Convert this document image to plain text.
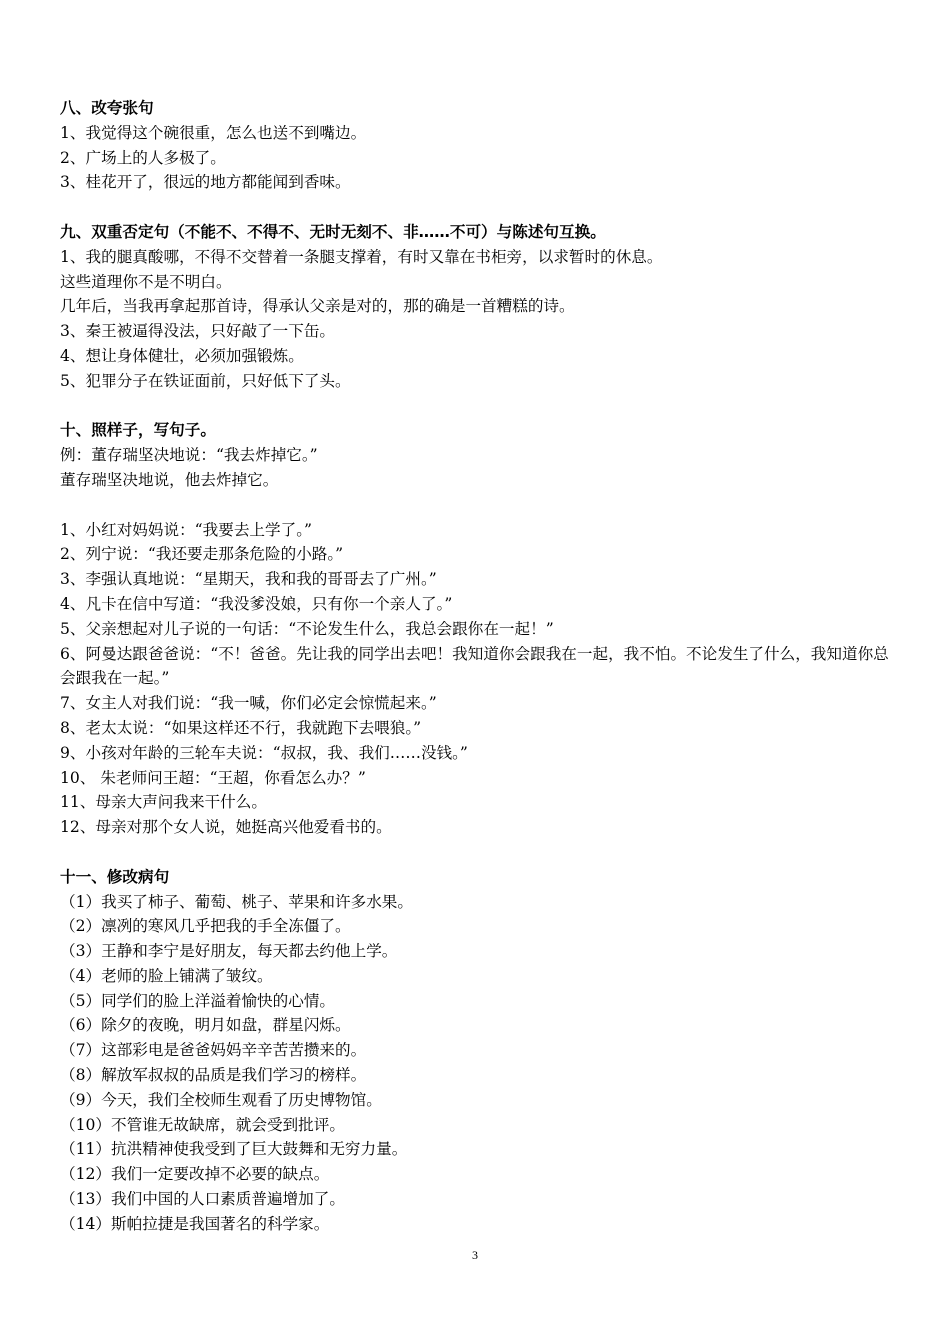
八、改夸张句
1、我觉得这个碗很重，怎么也送不到嘴边。
2、广场上的人多极了。
3、桂花开了，很远的地方都能闻到香味。
九、双重否定句（不能不、不得不、无时无刻不、非……不可）与陈述句互换。
1、我的腿真酸哪，不得不交替着一条腿支撑着，有时又靠在书柜旁，以求暂时的休息。
这些道理你不是不明白。
几年后，当我再拿起那首诗，得承认父亲是对的，那的确是一首糟糕的诗。
3、秦王被逼得没法，只好敲了一下缶。
4、想让身体健壮，必须加强锻炼。
5、犯罪分子在铁证面前，只好低下了头。
十、照样子，写句子。
例：董存瑞坚决地说：“我去炸掉它。”
董存瑞坚决地说，他去炸掉它。
1、小红对妈妈说：“我要去上学了。”
2、列宁说：“我还要走那条危险的小路。”
3、李强认真地说：“星期天，我和我的哥哥去了广州。”
4、凡卡在信中写道：“我没爹没娘，只有你一个亲人了。”
5、父亲想起对儿子说的一句话：“不论发生什么，我总会跟你在一起！”
6、阿曼达跟爸爸说：“不！爸爸。先让我的同学出去吧！我知道你会跟我在一起，我不怕。不论发生了什么，我知道你总会跟我在一起。”
7、女主人对我们说：“我一喊，你们必定会惊慌起来。”
8、老太太说：“如果这样还不行，我就跑下去喂狼。”
9、小孩对年龄的三轮车夫说：“叔叔，我、我们……没钱。”
10、 朱老师问王超：“王超，你看怎么办？”
11、母亲大声问我来干什么。
12、母亲对那个女人说，她挺高兴他爱看书的。
十一、修改病句
（1）我买了柿子、葡萄、桃子、苹果和许多水果。
（2）凛冽的寒风几乎把我的手全冻僵了。
（3）王静和李宁是好朋友，每天都去约他上学。
（4）老师的脸上铺满了皱纹。
（5）同学们的脸上洋溢着愉快的心情。
（6）除夕的夜晚，明月如盘，群星闪烁。
（7）这部彩电是爸爸妈妈辛辛苦苦攒来的。
（8）解放军叔叔的品质是我们学习的榜样。
（9）今天，我们全校师生观看了历史博物馆。
（10）不管谁无故缺席，就会受到批评。
（11）抗洪精神使我受到了巨大鼓舞和无穷力量。
（12）我们一定要改掉不必要的缺点。
（13）我们中国的人口素质普遍增加了。
（14）斯帕拉捷是我国著名的科学家。
3
